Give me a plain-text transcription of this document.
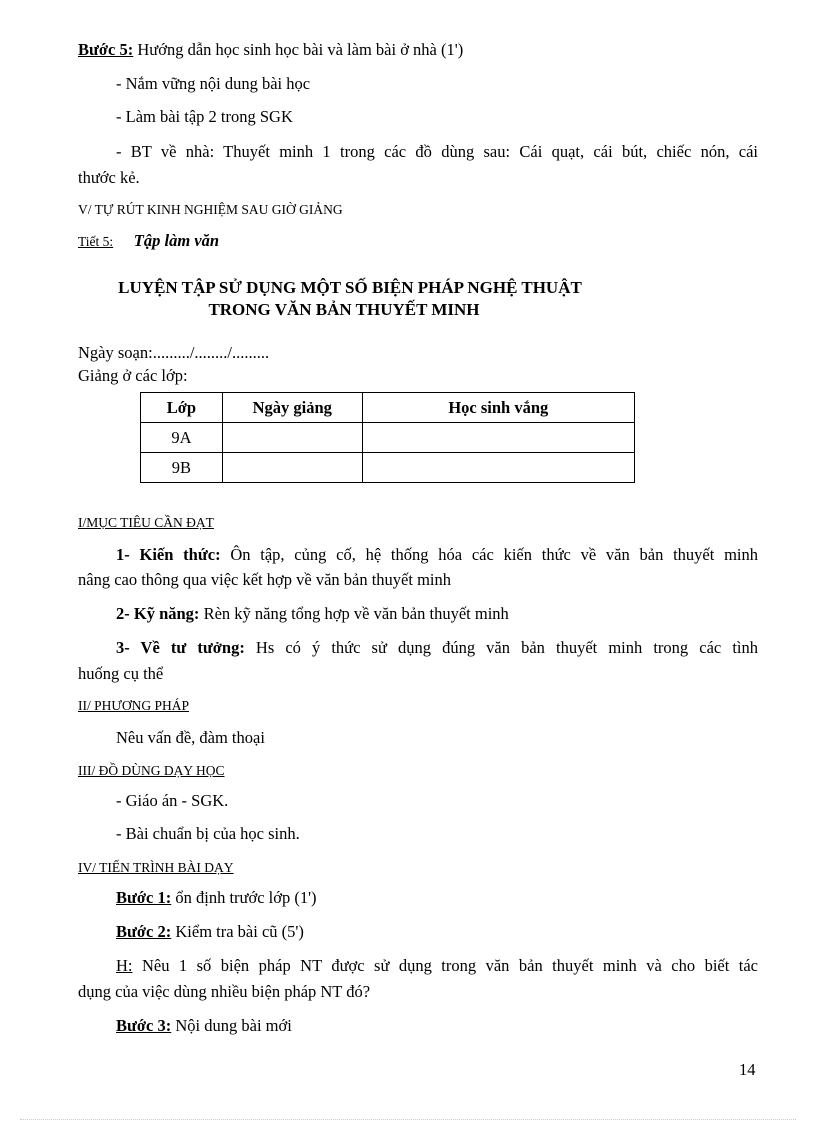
Bước 5: Hướng dẫn học sinh học bài và làm bài ở nhà (1')
- Nắm vững nội dung bài học
- Làm bài tập 2 trong SGK
- BT về nhà: Thuyết minh 1 trong các đồ dùng sau: Cái quạt, cái bút, chiếc nón, cái
thước kẻ.
V/ TỰ RÚT KINH NGHIỆM SAU GIỜ GIẢNG
Tiết 5: Tập làm văn
LUYỆN TẬP SỬ DỤNG MỘT SỐ BIỆN PHÁP NGHỆ THUẬT
TRONG VĂN BẢN THUYẾT MINH
Ngày soạn:........./......../.........
Giảng ở các lớp:
Lớp	Ngày giảng	Học sinh vắng
9A		
9B		
I/MỤC TIÊU CẦN ĐẠT
1- Kiến thức: Ôn tập, củng cố, hệ thống hóa các kiến thức về văn bản thuyết minh
nâng cao thông qua việc kết hợp về văn bản thuyết minh
2- Kỹ năng: Rèn kỹ năng tổng hợp về văn bản thuyết minh
3- Về tư tưởng: Hs có ý thức sử dụng đúng văn bản thuyết minh trong các tình
huống cụ thể
II/ PHƯƠNG PHÁP
Nêu vấn đề, đàm thoại
III/ ĐỒ DÙNG DẠY HỌC
- Giáo án - SGK.
- Bài chuẩn bị của học sinh.
IV/ TIẾN TRÌNH BÀI DẠY
Bước 1: ổn định trước lớp (1')
Bước 2: Kiểm tra bài cũ (5')
H: Nêu 1 số biện pháp NT được sử dụng trong văn bản thuyết minh và cho biết tác
dụng của việc dùng nhiều biện pháp NT đó?
Bước 3: Nội dung bài mới
14
